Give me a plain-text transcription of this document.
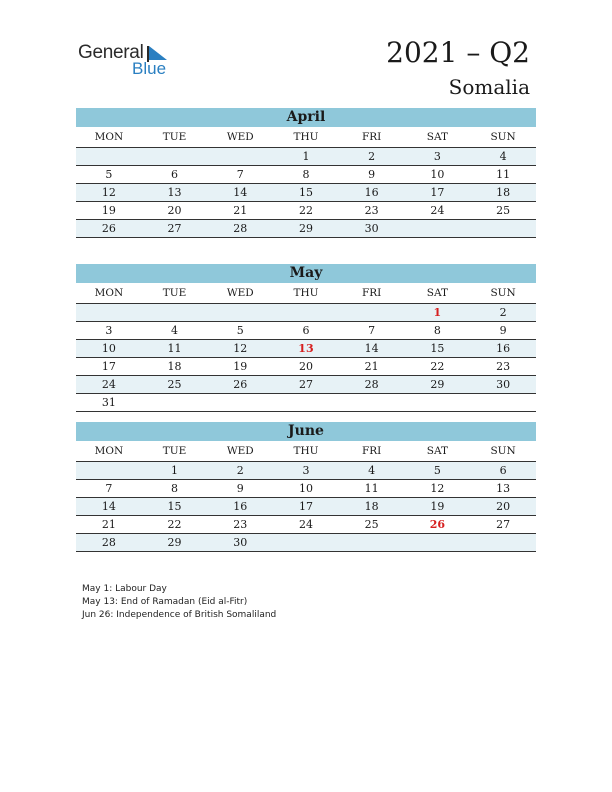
General
Blue	2021 – Q2
Somalia
April
MON	TUE	WED	THU	FRI	SAT	SUN
			1	2	3	4
5	6	7	8	9	10	11
12	13	14	15	16	17	18
19	20	21	22	23	24	25
26	27	28	29	30		
May
MON	TUE	WED	THU	FRI	SAT	SUN
					1	2
3	4	5	6	7	8	9
10	11	12	13	14	15	16
17	18	19	20	21	22	23
24	25	26	27	28	29	30
31						
June
MON	TUE	WED	THU	FRI	SAT	SUN
	1	2	3	4	5	6
7	8	9	10	11	12	13
14	15	16	17	18	19	20
21	22	23	24	25	26	27
28	29	30				
May 1: Labour Day
May 13: End of Ramadan (Eid al-Fitr)
Jun 26: Independence of British Somaliland
